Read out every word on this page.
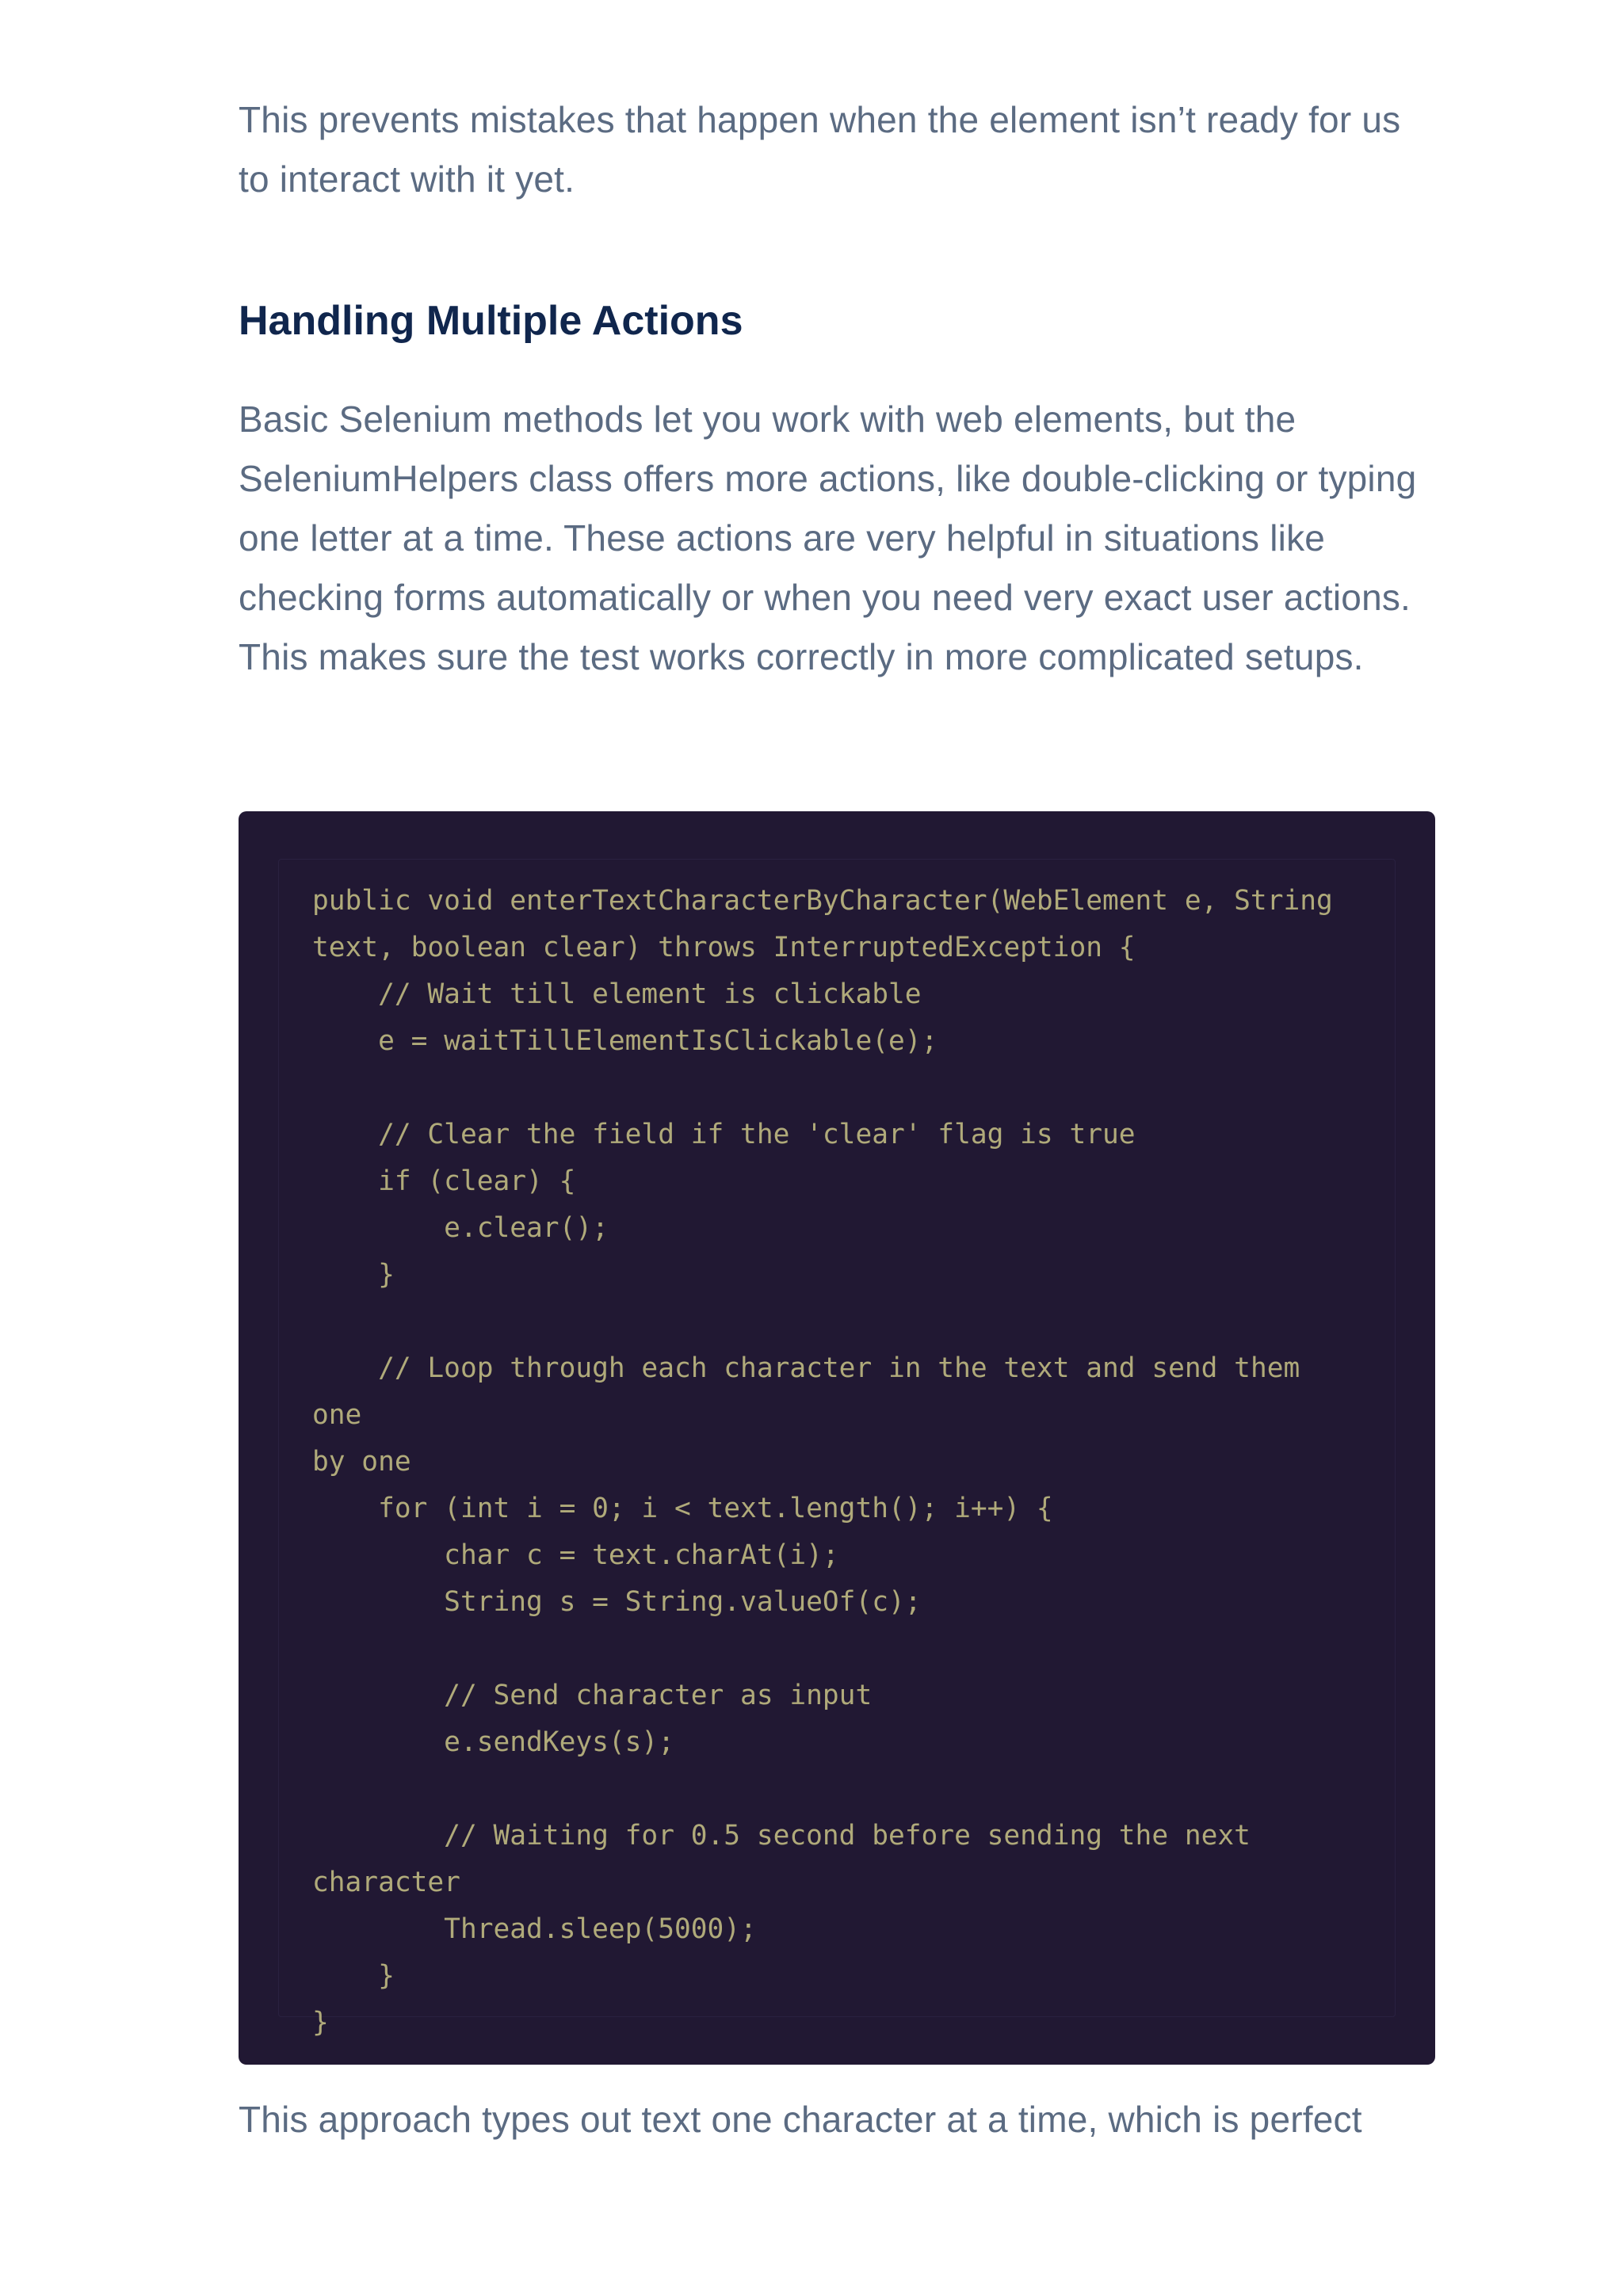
This prevents mistakes that happen when the element isn’t ready for us to interact with it yet.

Handling Multiple Actions

Basic Selenium methods let you work with web elements, but the SeleniumHelpers class offers more actions, like double-clicking or typing one letter at a time. These actions are very helpful in situations like checking forms automatically or when you need very exact user actions. This makes sure the test works correctly in more complicated setups.

public void enterTextCharacterByCharacter(WebElement e, String
text, boolean clear) throws InterruptedException {
// Wait till element is clickable
e = waitTillElementIsClickable(e);

// Clear the field if the 'clear' flag is true
if (clear) {
e.clear();
}

// Loop through each character in the text and send them one
by one
for (int i = 0; i < text.length(); i++) {
char c = text.charAt(i);
String s = String.valueOf(c);

// Send character as input
e.sendKeys(s);

// Waiting for 0.5 second before sending the next
character
Thread.sleep(5000);
}
}

This approach types out text one character at a time, which is perfect
